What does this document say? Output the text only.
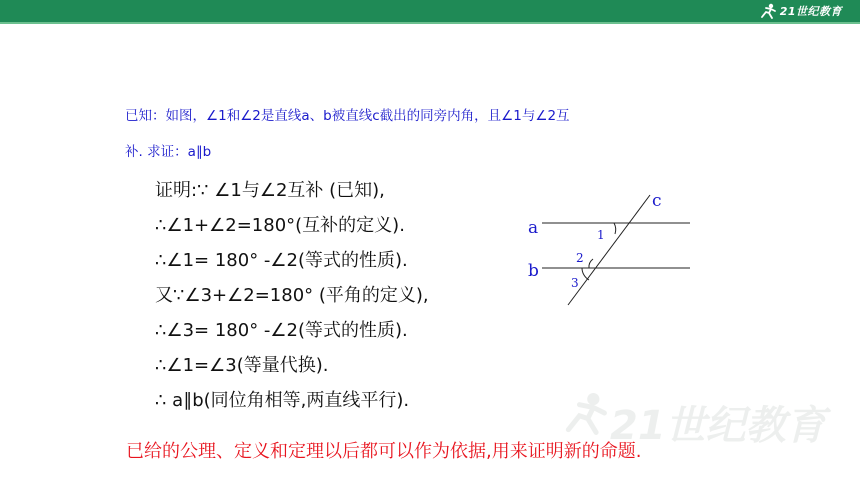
21世纪教育
已知：如图，∠1和∠2是直线a、b被直线c截出的同旁内角，且∠1与∠2互
补. 求证：a∥b
证明:∵ ∠1与∠2互补 (已知),
∴∠1+∠2=180°(互补的定义).
∴∠1= 180° -∠2(等式的性质).
又∵∠3+∠2=180° (平角的定义),
∴∠3= 180° -∠2(等式的性质).
∴∠1=∠3(等量代换).
∴ a∥b(同位角相等,两直线平行).
a
b
c
1
2
3
21世纪教育
已给的公理、定义和定理以后都可以作为依据,用来证明新的命题.
